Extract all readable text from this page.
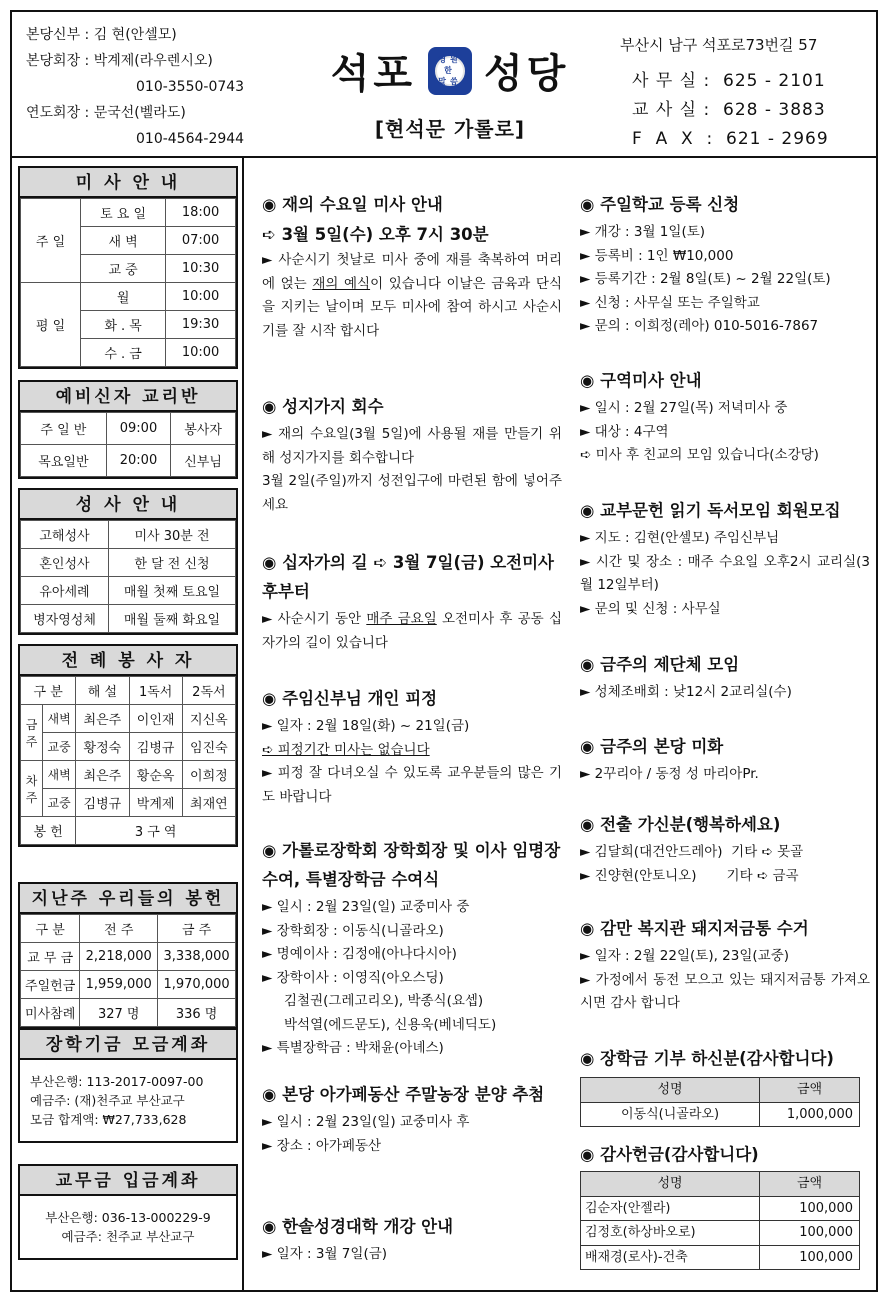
본당신부 : 김 현(안셀모)
본당회장 : 박계제(라우렌시오)
010-3550-0743
연도회장 : 문국선(벨라도)
010-4564-2944
석포	영원한 말씀 성당
[현석문 가롤로]
부산시 남구 석포로73번길 57
사 무 실 :  625 - 2101
교 사 실 :  628 - 3883
F  A  X  :  621 - 2969
미 사 안 내
주 일	토 요 일	18:00
	새 벽	07:00
	교 중	10:30
평 일	월	10:00
	화 . 목	19:30
	수 . 금	10:00
예비신자 교리반
주 일 반	09:00	봉사자
목요일반	20:00	신부님
성 사 안 내
고해성사	미사 30분 전
혼인성사	한 달 전 신청
유아세례	매월 첫째 토요일
병자영성체	매월 둘째 화요일
전 례 봉 사 자
구 분		해 설	1독서	2독서
금주	새벽	최은주	이인재	지신옥
	교중	황정숙	김병규	임진숙
차주	새벽	최은주	황순옥	이희정
	교중	김병규	박계제	최재연
봉 헌		3 구 역		
지난주 우리들의 봉헌
구 분	전 주	금 주
교 무 금	2,218,000	3,338,000
주일헌금	1,959,000	1,970,000
미사참례	327 명	336 명
장학기금 모금계좌
부산은행: 113-2017-0097-00
예금주: (재)천주교 부산교구
모금 합계액: ₩27,733,628
교무금 입금계좌
부산은행: 036-13-000229-9
예금주: 천주교 부산교구
◉ 재의 수요일 미사 안내
➪ 3월 5일(수) 오후 7시 30분

► 사순시기 첫날로 미사 중에 재를 축복하여 머리에 얹는 재의 예식이 있습니다 이날은 금육과 단식을 지키는 날이며 모두 미사에 참여 하시고 사순시기를 잘 시작 합시다

◉ 성지가지 회수

► 재의 수요일(3월 5일)에 사용될 재를 만들기 위해 성지가지를 회수합니다

3월 2일(주일)까지 성전입구에 마련된 함에 넣어주세요

◉ 십자가의 길 ➪ 3월 7일(금) 오전미사 후부터

► 사순시기 동안 매주 금요일 오전미사 후 공동 십자가의 길이 있습니다

◉ 주임신부님 개인 피정

► 일자 : 2월 18일(화) ~ 21일(금)

➪ 피정기간 미사는 없습니다

► 피정 잘 다녀오실 수 있도록 교우분들의 많은 기도 바랍니다

◉ 가롤로장학회 장학회장 및 이사 임명장 수여, 특별장학금 수여식

► 일시 : 2월 23일(일) 교중미사 중

► 장학회장 : 이동식(니골라오)

► 명예이사 : 김정애(아나다시아)

► 장학이사 : 이영직(아오스딩)

김철권(그레고리오), 박종식(요셉)

박석열(에드문도), 신용욱(베네딕도)

► 특별장학금 : 박채윤(아녜스)

◉ 본당 아가페동산 주말농장 분양 추첨

► 일시 : 2월 23일(일) 교중미사 후

► 장소 : 아가페동산

◉ 한솔성경대학 개강 안내

► 일자 : 3월 7일(금)

◉ 주일학교 등록 신청

► 개강 : 3월 1일(토)

► 등록비 : 1인 ₩10,000

► 등록기간 : 2월 8일(토) ~ 2월 22일(토)

► 신청 : 사무실 또는 주일학교

► 문의 : 이희정(레아) 010-5016-7867

◉ 구역미사 안내

► 일시 : 2월 27일(목) 저녁미사 중

► 대상 : 4구역

➪ 미사 후 친교의 모임 있습니다(소강당)

◉ 교부문헌 읽기 독서모임 회원모집

► 지도 : 김현(안셀모) 주임신부님

► 시간 및 장소 : 매주 수요일 오후2시 교리실(3월 12일부터)

► 문의 및 신청 : 사무실

◉ 금주의 제단체 모임

► 성체조배회 : 낮12시 2교리실(수)

◉ 금주의 본당 미화

► 2꾸리아 / 동정 성 마리아Pr.

◉ 전출 가신분(행복하세요)

► 김달희(대건안드레아)  기타 ➪ 못골

► 진양현(안토니오)       기타 ➪ 금곡

◉ 감만 복지관 돼지저금통 수거

► 일자 : 2월 22일(토), 23일(교중)

► 가정에서 동전 모으고 있는 돼지저금통 가져오시면 감사 합니다

◉ 장학금 기부 하신분(감사합니다)
성명	금액
이동식(니골라오)	1,000,000
◉ 감사헌금(감사합니다)
성명	금액
김순자(안젤라)	100,000
김정호(하상바오로)	100,000
배재경(로사)-건축	100,000
